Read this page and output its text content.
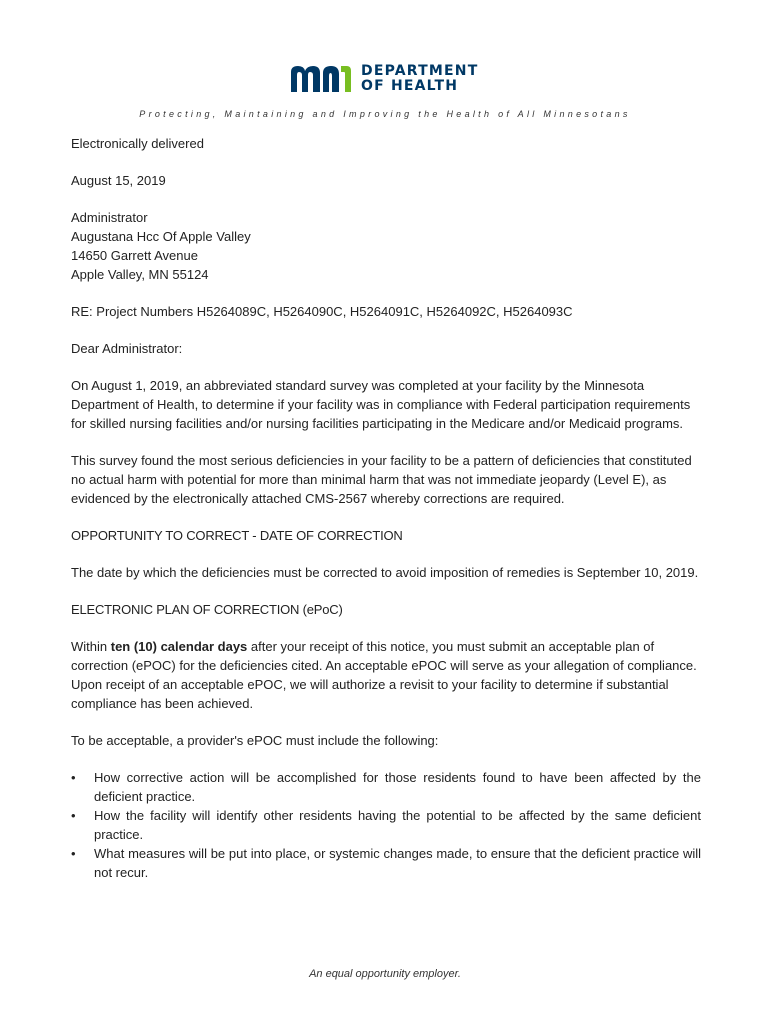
DEPARTMENT
OF HEALTH
Protecting, Maintaining and Improving the Health of All Minnesotans

Electronically delivered

August 15, 2019

Administrator

Augustana Hcc Of Apple Valley

14650 Garrett Avenue

Apple Valley, MN 55124

RE: Project Numbers H5264089C, H5264090C, H5264091C, H5264092C, H5264093C

Dear Administrator:

On August 1, 2019, an abbreviated standard survey was completed at your facility by the Minnesota Department of Health, to determine if your facility was in compliance with Federal participation requirements for skilled nursing facilities and/or nursing facilities participating in the Medicare and/or Medicaid programs.

This survey found the most serious deficiencies in your facility to be a pattern of deficiencies that constituted no actual harm with potential for more than minimal harm that was not immediate jeopardy (Level E), as evidenced by the electronically attached CMS-2567 whereby corrections are required.

OPPORTUNITY TO CORRECT - DATE OF CORRECTION

The date by which the deficiencies must be corrected to avoid imposition of remedies is September 10, 2019.

ELECTRONIC PLAN OF CORRECTION (ePoC)

Within ten (10) calendar days after your receipt of this notice, you must submit an acceptable plan of correction (ePOC) for the deficiencies cited. An acceptable ePOC will serve as your allegation of compliance. Upon receipt of an acceptable ePOC, we will authorize a revisit to your facility to determine if substantial compliance has been achieved.

To be acceptable, a provider's ePOC must include the following:

• How corrective action will be accomplished for those residents found to have been affected by the deficient practice.
• How the facility will identify other residents having the potential to be affected by the same deficient practice.
• What measures will be put into place, or systemic changes made, to ensure that the deficient practice will not recur.
An equal opportunity employer.
